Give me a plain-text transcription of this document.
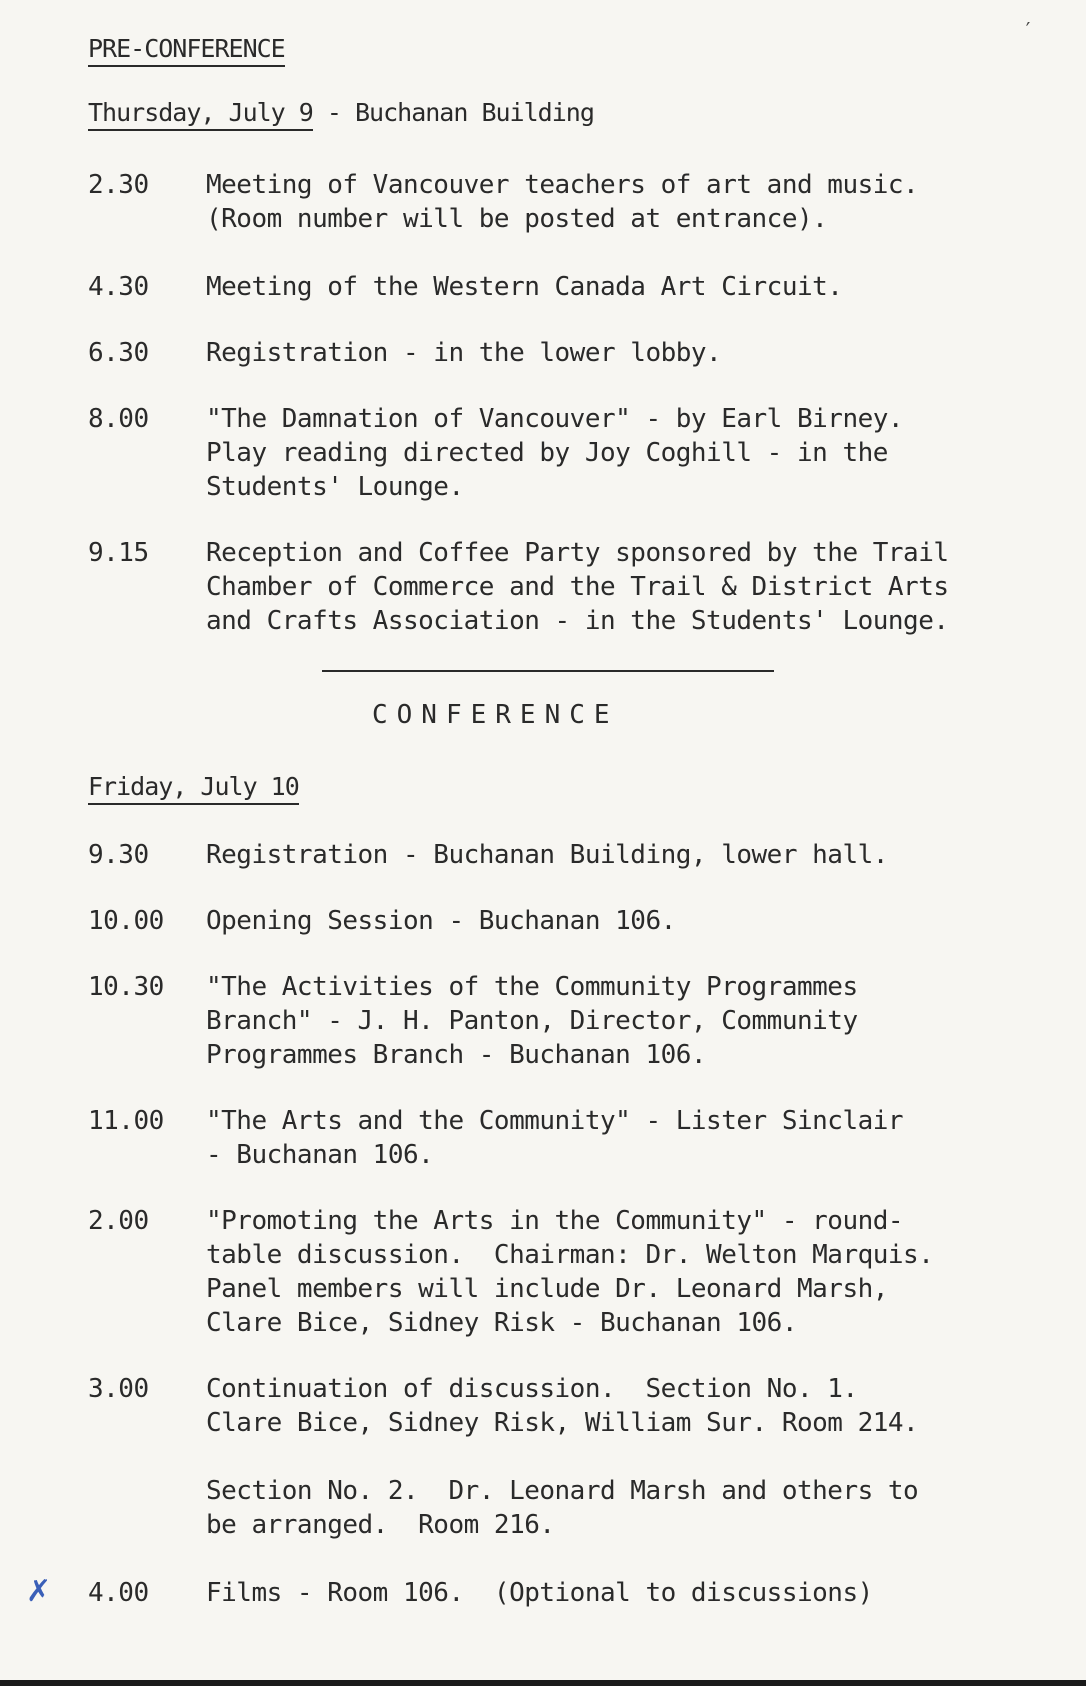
′
PRE-CONFERENCE
Thursday, July 9 - Buchanan Building
2.30	Meeting of Vancouver teachers of art and music.
(Room number will be posted at entrance).
4.30	Meeting of the Western Canada Art Circuit.
6.30	Registration - in the lower lobby.
8.00	"The Damnation of Vancouver" - by Earl Birney.
Play reading directed by Joy Coghill - in the
Students' Lounge.
9.15	Reception and Coffee Party sponsored by the Trail
Chamber of Commerce and the Trail & District Arts
and Crafts Association - in the Students' Lounge.
CONFERENCE
Friday, July 10
9.30	Registration - Buchanan Building, lower hall.
10.00	Opening Session - Buchanan 106.
10.30	"The Activities of the Community Programmes
Branch" - J. H. Panton, Director, Community
Programmes Branch - Buchanan 106.
11.00	"The Arts and the Community" - Lister Sinclair
- Buchanan 106.
2.00	"Promoting the Arts in the Community" - round-
table discussion.  Chairman: Dr. Welton Marquis.
Panel members will include Dr. Leonard Marsh,
Clare Bice, Sidney Risk - Buchanan 106.
3.00	Continuation of discussion.  Section No. 1.
Clare Bice, Sidney Risk, William Sur. Room 214.
Section No. 2.  Dr. Leonard Marsh and others to
be arranged.  Room 216.
4.00	Films - Room 106.  (Optional to discussions)
✗
